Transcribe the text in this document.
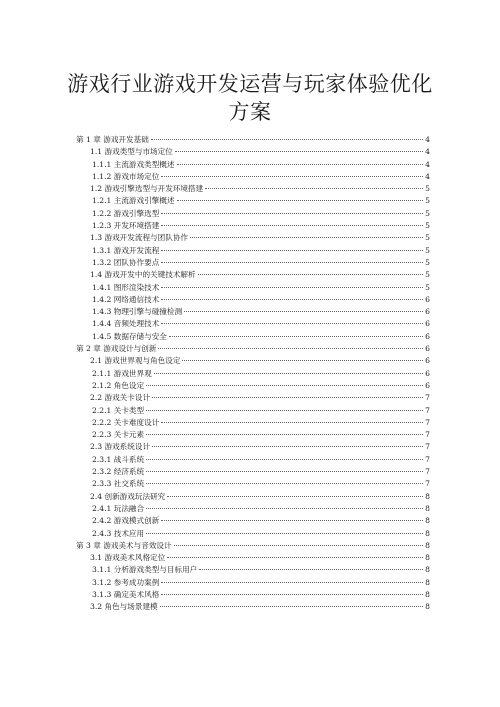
游戏行业游戏开发运营与玩家体验优化方案
第 1 章 游戏开发基础	4
1.1 游戏类型与市场定位	4
1.1.1 主流游戏类型概述	4
1.1.2 游戏市场定位	4
1.2 游戏引擎选型与开发环境搭建	5
1.2.1 主流游戏引擎概述	5
1.2.2 游戏引擎选型	5
1.2.3 开发环境搭建	5
1.3 游戏开发流程与团队协作	5
1.3.1 游戏开发流程	5
1.3.2 团队协作要点	5
1.4 游戏开发中的关键技术解析	5
1.4.1 图形渲染技术	5
1.4.2 网络通信技术	6
1.4.3 物理引擎与碰撞检测	6
1.4.4 音频处理技术	6
1.4.5 数据存储与安全	6
第 2 章 游戏设计与创新	6
2.1 游戏世界观与角色设定	6
2.1.1 游戏世界观	6
2.1.2 角色设定	6
2.2 游戏关卡设计	7
2.2.1 关卡类型	7
2.2.2 关卡难度设计	7
2.2.3 关卡元素	7
2.3 游戏系统设计	7
2.3.1 战斗系统	7
2.3.2 经济系统	7
2.3.3 社交系统	7
2.4 创新游戏玩法研究	8
2.4.1 玩法融合	8
2.4.2 游戏模式创新	8
2.4.3 技术应用	8
第 3 章 游戏美术与音效设计	8
3.1 游戏美术风格定位	8
3.1.1 分析游戏类型与目标用户	8
3.1.2 参考成功案例	8
3.1.3 确定美术风格	8
3.2 角色与场景建模	8
